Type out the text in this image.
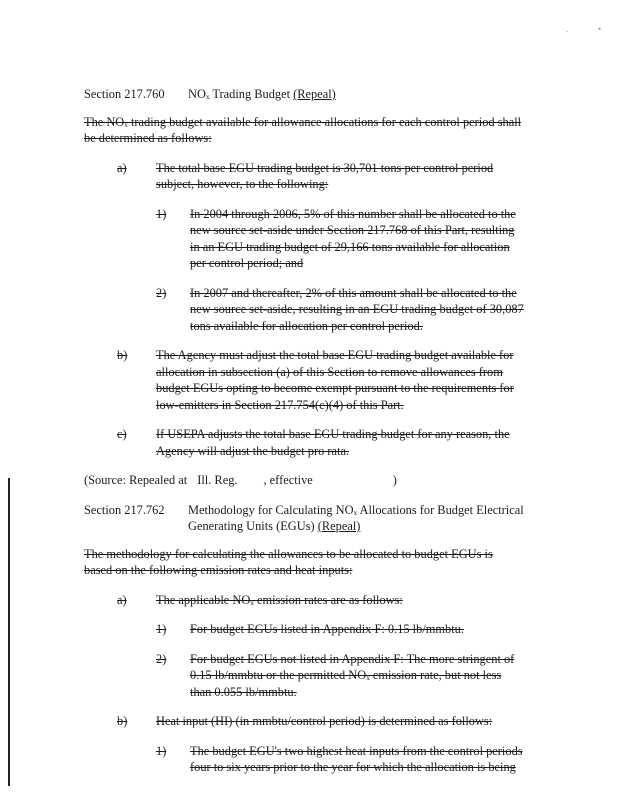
.	•
Section 217.760 NOₓ Trading Budget (Repeal)
The NOₓ trading budget available for allowance allocations for each control period shall be determined as follows:
a) The total base EGU trading budget is 30,701 tons per control period subject, however, to the following:
1) In 2004 through 2006, 5% of this number shall be allocated to the new source set-aside under Section 217.768 of this Part, resulting in an EGU trading budget of 29,166 tons available for allocation per control period; and
2) In 2007 and thereafter, 2% of this amount shall be allocated to the new source set-aside, resulting in an EGU trading budget of 30,087 tons available for allocation per control period.
b) The Agency must adjust the total base EGU trading budget available for allocation in subsection (a) of this Section to remove allowances from budget EGUs opting to become exempt pursuant to the requirements for low-emitters in Section 217.754(c)(4) of this Part.
c) If USEPA adjusts the total base EGU trading budget for any reason, the Agency will adjust the budget pro rata.
(Source: Repealed at Ill. Reg. , effective	)
Section 217.762 Methodology for Calculating NOₓ Allocations for Budget Electrical Generating Units (EGUs) (Repeal)
The methodology for calculating the allowances to be allocated to budget EGUs is based on the following emission rates and heat inputs:
a) The applicable NOₓ emission rates are as follows:
1) For budget EGUs listed in Appendix F: 0.15 lb/mmbtu.
2) For budget EGUs not listed in Appendix F: The more stringent of 0.15 lb/mmbtu or the permitted NOₓ emission rate, but not less than 0.055 lb/mmbtu.
b) Heat input (HI) (in mmbtu/control period) is determined as follows:
1) The budget EGU's two highest heat inputs from the control periods four to six years prior to the year for which the allocation is being
